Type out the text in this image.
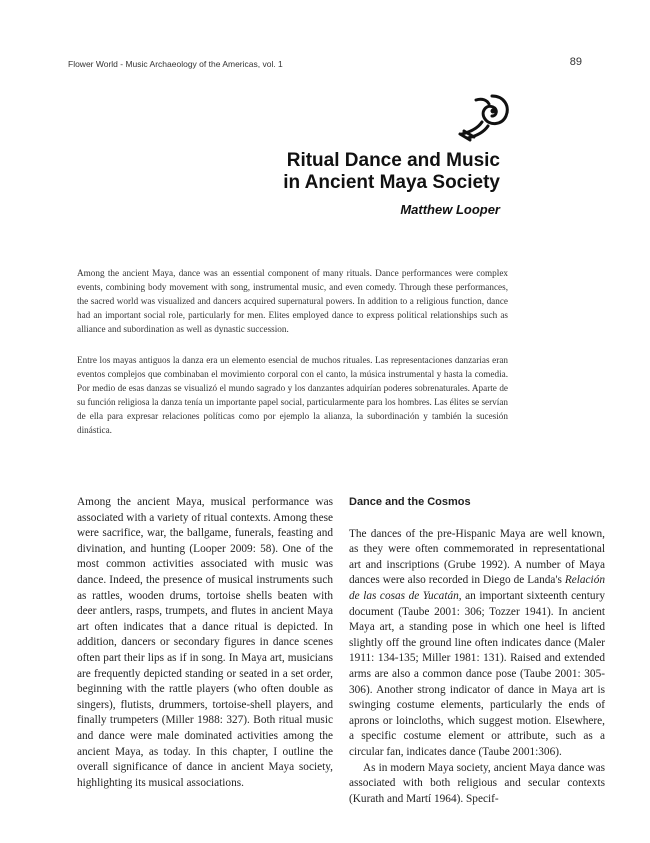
Flower World - Music Archaeology of the Americas, vol. 1	89
Ritual Dance and Music
in Ancient Maya Society
Matthew Looper

Among the ancient Maya, dance was an essential component of many rituals. Dance performances were complex events, combining body movement with song, instrumental music, and even comedy. Through these performances, the sacred world was visualized and dancers acquired supernatural powers. In addition to a religious function, dance had an important social role, particularly for men. Elites employed dance to express political relationships such as alliance and subordination as well as dynastic succession.

Entre los mayas antiguos la danza era un elemento esencial de muchos rituales. Las representaciones danzarias eran eventos complejos que combinaban el movimiento corporal con el canto, la música instrumental y hasta la comedia. Por medio de esas danzas se visualizó el mundo sagrado y los danzantes adquirían poderes sobrenaturales. Aparte de su función religiosa la danza tenía un importante papel social, particularmente para los hombres. Las élites se servían de ella para expresar relaciones políticas como por ejemplo la alianza, la subordinación y también la sucesión dinástica.

Among the ancient Maya, musical performance was associated with a variety of ritual contexts. Among these were sacrifice, war, the ballgame, funerals, feasting and divination, and hunting (Looper 2009: 58). One of the most common activities associated with music was dance. Indeed, the presence of musical instruments such as rattles, wooden drums, tortoise shells beaten with deer antlers, rasps, trumpets, and flutes in ancient Maya art often indicates that a dance ritual is depicted. In addition, dancers or secondary figures in dance scenes often part their lips as if in song. In Maya art, musicians are frequently depicted standing or seated in a set order, beginning with the rattle players (who often double as singers), flutists, drummers, tortoise-shell players, and finally trumpeters (Miller 1988: 327). Both ritual music and dance were male dominated activities among the ancient Maya, as today. In this chapter, I outline the overall significance of dance in ancient Maya society, highlighting its musical associations.

Dance and the Cosmos

The dances of the pre-Hispanic Maya are well known, as they were often commemorated in representational art and inscriptions (Grube 1992). A number of Maya dances were also recorded in Diego de Landa's Relación de las cosas de Yucatán, an important sixteenth century document (Taube 2001: 306; Tozzer 1941). In ancient Maya art, a standing pose in which one heel is lifted slightly off the ground line often indicates dance (Maler 1911: 134-135; Miller 1981: 131). Raised and extended arms are also a common dance pose (Taube 2001: 305-306). Another strong indicator of dance in Maya art is swinging costume elements, particularly the ends of aprons or loincloths, which suggest motion. Elsewhere, a specific costume element or attribute, such as a circular fan, indicates dance (Taube 2001:306).

As in modern Maya society, ancient Maya dance was associated with both religious and secular contexts (Kurath and Martí 1964). Specif-
